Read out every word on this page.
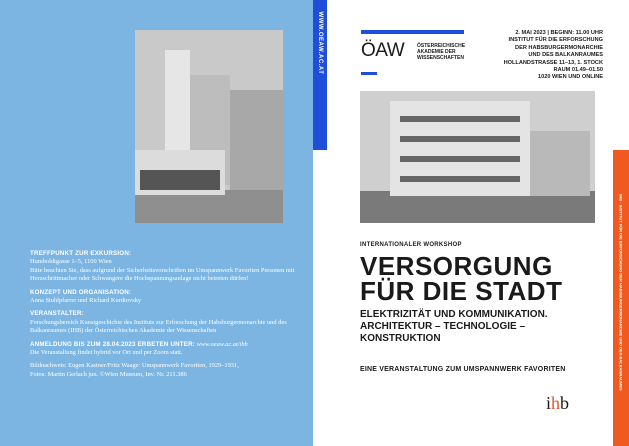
WWW.OEAW.AC.AT

TREFFPUNKT ZUR EXKURSION:
Humboldtgasse 1–5, 1100 Wien
Bitte beachten Sie, dass aufgrund der Sicherheitsvorschriften im Umspannwerk Favoriten Personen mit Herzschrittmacher oder Schwangere die Hochspannungsanlage nicht betreten dürfen!

KONZEPT UND ORGANISATION:
Anna Stuhlpfarrer und Richard Kurdiovsky

VERANSTALTER:
Forschungsbereich Kunstgeschichte des Instituts zur Erforschung der Habsburgermonarchie und des Balkanraumes (IHB) der Österreichischen Akademie der Wissenschaften

ANMELDUNG BIS ZUM 28.04.2023 ERBETEN UNTER: www.oeaw.ac.at/ihb
Die Veranstaltung findet hybrid vor Ort und per Zoom statt.

Bildnachweis: Eugen Kastner/Fritz Waage: Umspannwerk Favoriten, 1929–1931,
Fotos: Martin Gerlach jun. ©Wien Museum, Inv. Nr. 211.386

ÖAW	ÖSTERREICHISCHE
AKADEMIE DER
WISSENSCHAFTEN
2. MAI 2023 | BEGINN: 11.00 UHR
INSTITUT FÜR DIE ERFORSCHUNG
DER HABSBURGERMONARCHIE
UND DES BALKANRAUMES
HOLLANDSTRASSE 11–13, 1. STOCK
RAUM 01.49–01.50
1020 WIEN UND ONLINE
INTERNATIONALER WORKSHOP
VERSORGUNG
FÜR DIE STADT
ELEKTRIZITÄT UND KOMMUNIKATION.
ARCHITEKTUR – TECHNOLOGIE –
KONSTRUKTION
EINE VERANSTALTUNG ZUM UMSPANNWERK FAVORITEN
ihb
IHB · INSTITUT FÜR DIE ERFORSCHUNG DER HABSBURGERMONARCHIE UND DES BALKANRAUMES
